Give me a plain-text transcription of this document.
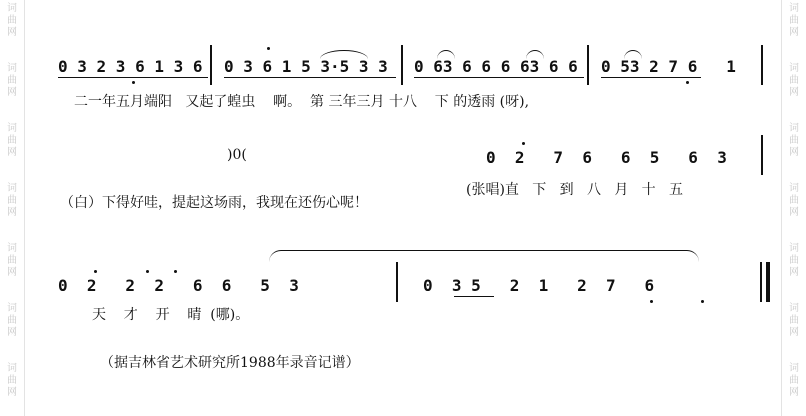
词
曲
网
词
曲
网
词
曲
网
词
曲
网
词
曲
网
词
曲
网
词
曲
网
词
曲
网
词
曲
网
词
曲
网
词
曲
网
词
曲
网
词
曲
网
词
曲
网
0 3 2 3 6 1 3 6 0 3 6 1 5 3·5 3 3 0 63 6 6 6 63 6 6 0 53 2 7 6   1
二一年五月端阳   又起了蝗虫    啊。  第 三年三月 十八    下 的透雨 (呀),
)0(	0  2   7  6   6  5   6  3
(张唱)直   下   到   八   月   十   五
（白）下得好哇，提起这场雨，我现在还伤心呢！
0  2   2  2   6  6   5  3	0  3 5   2  1   2  7   6
天    才    开    晴  (哪)。
（据吉林省艺术研究所1988年录音记谱）
